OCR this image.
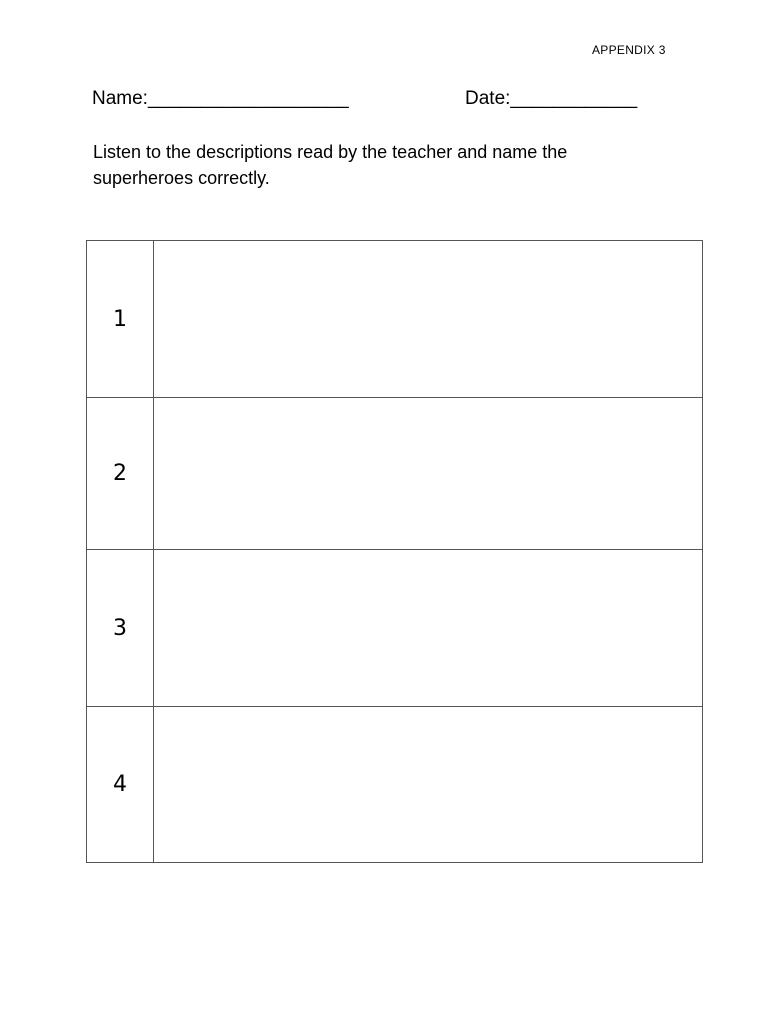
APPENDIX 3
Name:___________________	Date:____________
Listen to the descriptions read by the teacher and name the
superheroes correctly.
1	
2	
3	
4	
